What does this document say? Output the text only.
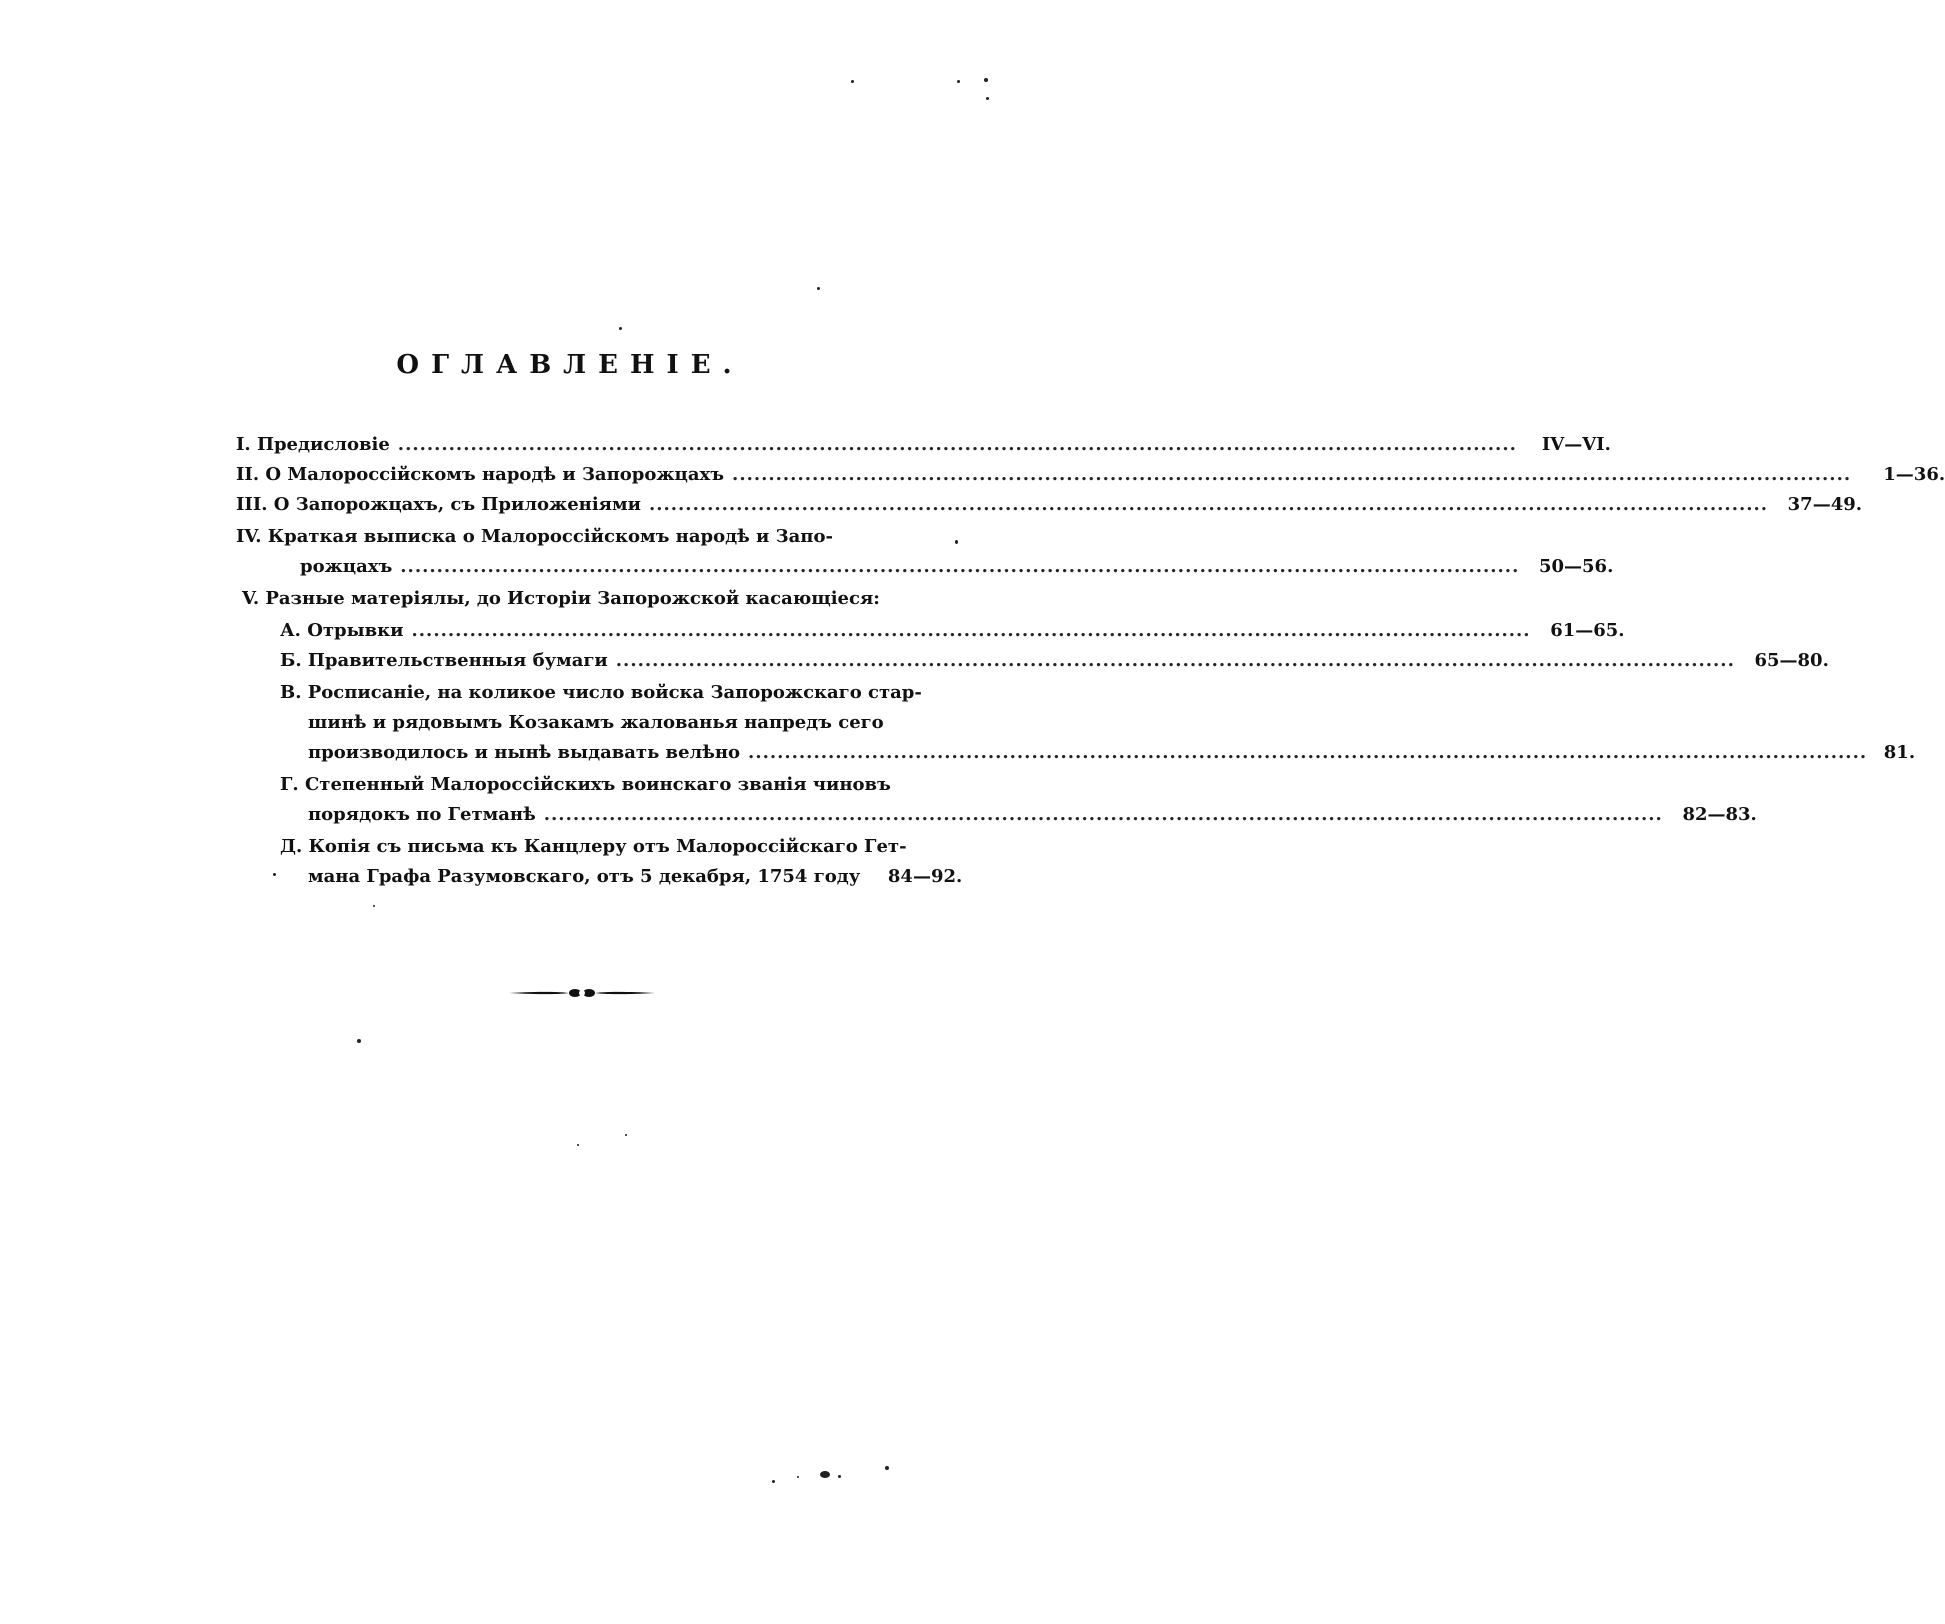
ОГЛАВЛЕНІЕ.
I. Предисловіе ..........................................................................................................................................................	IV—VI.
II. О Малороссійскомъ народѣ и Запорожцахъ ..........................................................................................................................................................	1—36.
III. О Запорожцахъ, съ Приложеніями ..........................................................................................................................................................	37—49.
IV. Краткая выписка о Малороссійскомъ народѣ и Запо-
рожцахъ ..........................................................................................................................................................	50—56.
V. Разные матеріялы, до Исторіи Запорожской касающіеся:
А. Отрывки ..........................................................................................................................................................	61—65.
Б. Правительственныя бумаги ..........................................................................................................................................................	65—80.
В. Росписаніе, на коликое число войска Запорожскаго стар-
шинѣ и рядовымъ Козакамъ жалованья напредъ сего
производилось и нынѣ выдавать велѣно .......................................................................................................................................................... 81.
Г. Степенный Малороссійскихъ воинскаго званія чиновъ
порядокъ по Гетманѣ ..........................................................................................................................................................	82—83.
Д. Копія съ письма къ Канцлеру отъ Малороссійскаго Гет-
мана Графа Разумовскаго, отъ 5 декабря, 1754 году	84—92.
